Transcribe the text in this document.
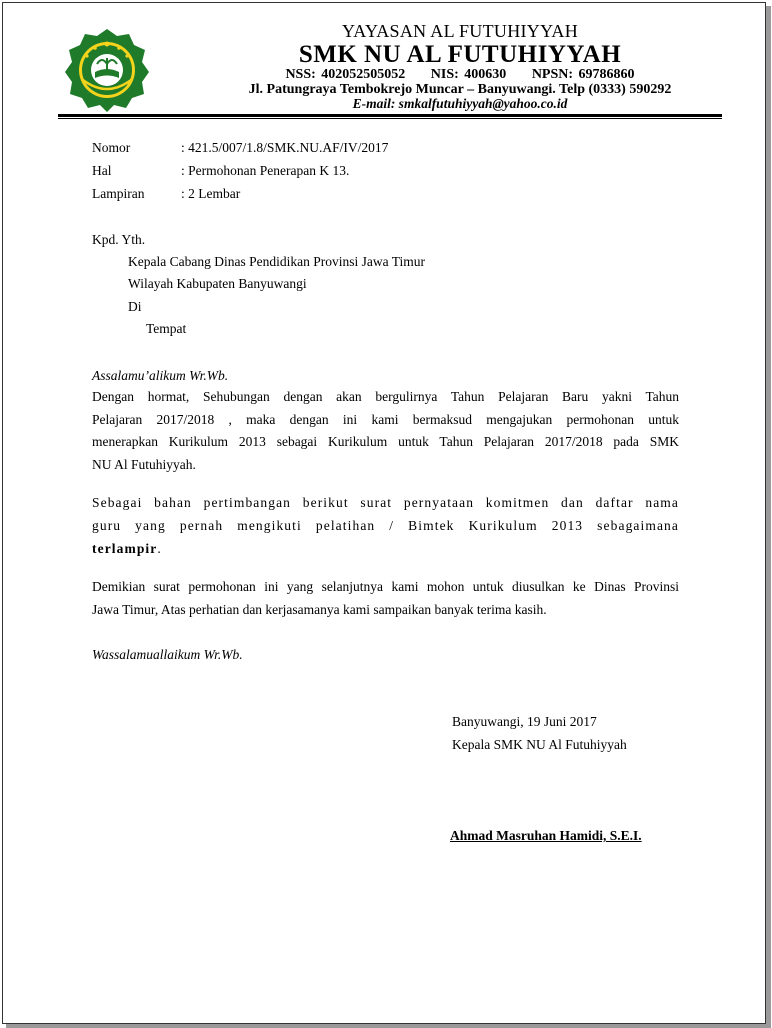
YAYASAN AL FUTUHIYYAH
SMK NU AL FUTUHIYYAH
NSS: 402052505052 NIS: 400630 NPSN: 69786860
Jl. Patungraya Tembokrejo Muncar – Banyuwangi. Telp (0333) 590292
E-mail: smkalfutuhiyyah@yahoo.co.id
Nomor	: 421.5/007/1.8/SMK.NU.AF/IV/2017
Hal	: Permohonan Penerapan K 13.
Lampiran	: 2 Lembar
Kpd. Yth.
Kepala Cabang Dinas Pendidikan Provinsi Jawa Timur
Wilayah Kabupaten Banyuwangi
Di
Tempat
Assalamu’alikum Wr.Wb.
Dengan hormat, Sehubungan dengan akan bergulirnya Tahun Pelajaran Baru yakni Tahun
Pelajaran 2017/2018 , maka dengan ini kami bermaksud mengajukan permohonan untuk
menerapkan Kurikulum 2013 sebagai Kurikulum untuk Tahun Pelajaran 2017/2018 pada SMK
NU Al Futuhiyyah.
Sebagai bahan pertimbangan berikut surat pernyataan komitmen dan daftar nama
guru yang pernah mengikuti pelatihan / Bimtek Kurikulum 2013 sebagaimana
terlampir.
Demikian surat permohonan ini yang selanjutnya kami mohon untuk diusulkan ke Dinas Provinsi
Jawa Timur, Atas perhatian dan kerjasamanya kami sampaikan banyak terima kasih.
Wassalamuallaikum Wr.Wb.
Banyuwangi, 19 Juni 2017
Kepala SMK NU Al Futuhiyyah
Ahmad Masruhan Hamidi, S.E.I.
